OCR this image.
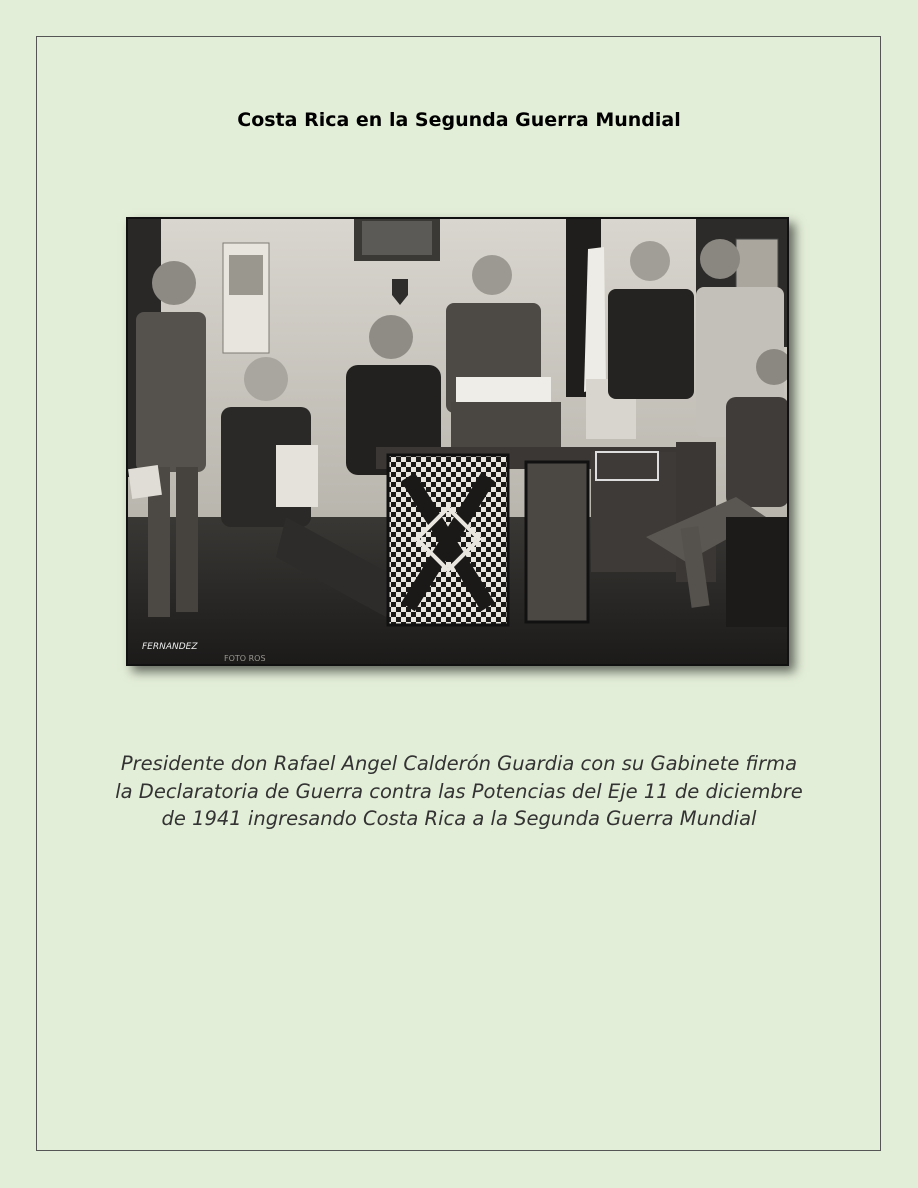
Costa Rica en la Segunda Guerra Mundial
FERNANDEZ
FOTO ROS
Presidente don Rafael Angel Calderón Guardia con su Gabinete firma la Declaratoria de Guerra contra las Potencias del Eje 11 de diciembre de 1941 ingresando Costa Rica a la Segunda Guerra Mundial
